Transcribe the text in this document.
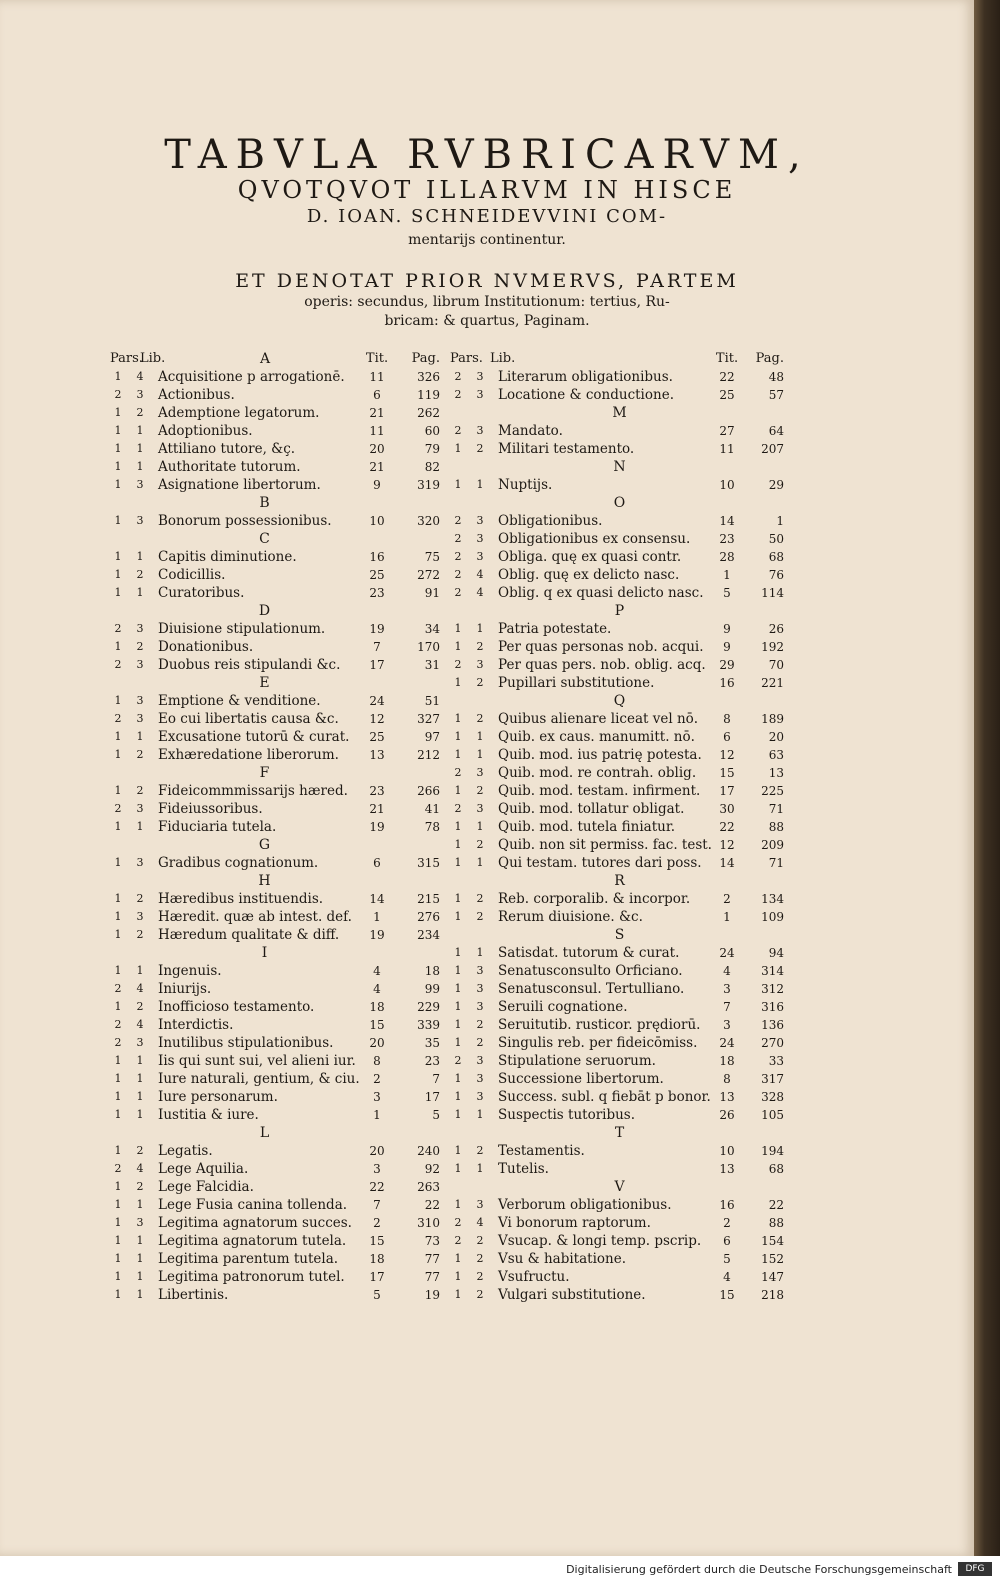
TABVLA RVBRICARVM,
QVOTQVOT ILLARVM IN HISCE
D. IOAN. SCHNEIDEVVINI COM-
mentarijs continentur.
ET DENOTAT PRIOR NVMERVS, PARTEM
operis: secundus, librum Institutionum: tertius, Ru-
bricam: & quartus, Paginam.
Pars.
Lib.	A	Tit.	Pag.
1	4	Acquisitione p arrogationē.	11	326
2	3	Actionibus.	6	119
1	2	Ademptione legatorum.	21	262
1	1	Adoptionibus.	11	60
1	1	Attiliano tutore, &ç.	20	79
1	1	Authoritate tutorum.	21	82
1	3	Asignatione libertorum.	9	319
B
1	3	Bonorum possessionibus.	10	320
C
1	1	Capitis diminutione.	16	75
1	2	Codicillis.	25	272
1	1	Curatoribus.	23	91
D
2	3	Diuisione stipulationum.	19	34
1	2	Donationibus.	7	170
2	3	Duobus reis stipulandi &c.	17	31
E
1	3	Emptione & venditione.	24	51
2	3	Eo cui libertatis causa &c.	12	327
1	1	Excusatione tutorū & curat.	25	97
1	2	Exhæredatione liberorum.	13	212
F
1	2	Fideicommmissarijs hæred.	23	266
2	3	Fideiussoribus.	21	41
1	1	Fiduciaria tutela.	19	78
G
1	3	Gradibus cognationum.	6	315
H
1	2	Hæredibus instituendis.	14	215
1	3	Hæredit. quæ ab intest. def.	1	276
1	2	Hæredum qualitate & diff.	19	234
I
1	1	Ingenuis.	4	18
2	4	Iniurijs.	4	99
1	2	Inofficioso testamento.	18	229
2	4	Interdictis.	15	339
2	3	Inutilibus stipulationibus.	20	35
1	1	Iis qui sunt sui, vel alieni iur.	8	23
1	1	Iure naturali, gentium, & ciu.	2	7
1	1	Iure personarum.	3	17
1	1	Iustitia & iure.	1	5
L
1	2	Legatis.	20	240
2	4	Lege Aquilia.	3	92
1	2	Lege Falcidia.	22	263
1	1	Lege Fusia canina tollenda.	7	22
1	3	Legitima agnatorum succes.	2	310
1	1	Legitima agnatorum tutela.	15	73
1	1	Legitima parentum tutela.	18	77
1	1	Legitima patronorum tutel.	17	77
1	1	Libertinis.	5	19
Pars. Lib.	Tit.	Pag.
2	3	Literarum obligationibus.	22	48
2	3	Locatione & conductione.	25	57
M
2	3	Mandato.	27	64
1	2	Militari testamento.	11	207
N
1	1	Nuptijs.	10	29
O
2	3	Obligationibus.	14	1
2	3	Obligationibus ex consensu.	23	50
2	3	Obliga. quę ex quasi contr.	28	68
2	4	Oblig. quę ex delicto nasc.	1	76
2	4	Oblig. q ex quasi delicto nasc.	5	114
P
1	1	Patria potestate.	9	26
1	2	Per quas personas nob. acqui.	9	192
2	3	Per quas pers. nob. oblig. acq.	29	70
1	2	Pupillari substitutione.	16	221
Q
1	2	Quibus alienare liceat vel nō.	8	189
1	1	Quib. ex caus. manumitt. nō.	6	20
1	1	Quib. mod. ius patrię potesta.	12	63
2	3	Quib. mod. re contrah. oblig.	15	13
1	2	Quib. mod. testam. infirment.	17	225
2	3	Quib. mod. tollatur obligat.	30	71
1	1	Quib. mod. tutela finiatur.	22	88
1	2	Quib. non sit permiss. fac. test. 12	209
1	1	Qui testam. tutores dari poss.	14	71
R
1	2	Reb. corporalib. & incorpor.	2	134
1	2	Rerum diuisione. &c.	1	109
S
1	1	Satisdat. tutorum & curat.	24	94
1	3	Senatusconsulto Orficiano.	4	314
1	3	Senatusconsul. Tertulliano.	3	312
1	3	Seruili cognatione.	7	316
1	2	Seruitutib. rusticor. prędiorū.	3	136
1	2	Singulis reb. per fideicōmiss.	24	270
2	3	Stipulatione seruorum.	18	33
1	3	Successione libertorum.	8	317
1	3	Success. subl. q fiebāt p bonor. 13	328
1	1	Suspectis tutoribus.	26	105
T
1	2	Testamentis.	10	194
1	1	Tutelis.	13	68
V
1	3	Verborum obligationibus.	16	22
2	4	Vi bonorum raptorum.	2	88
2	2	Vsucap. & longi temp. pscrip.	6	154
1	2	Vsu & habitatione.	5	152
1	2	Vsufructu.	4	147
1	2	Vulgari substitutione.	15	218
Digitalisierung gefördert durch die Deutsche Forschungsgemeinschaft	DFG
